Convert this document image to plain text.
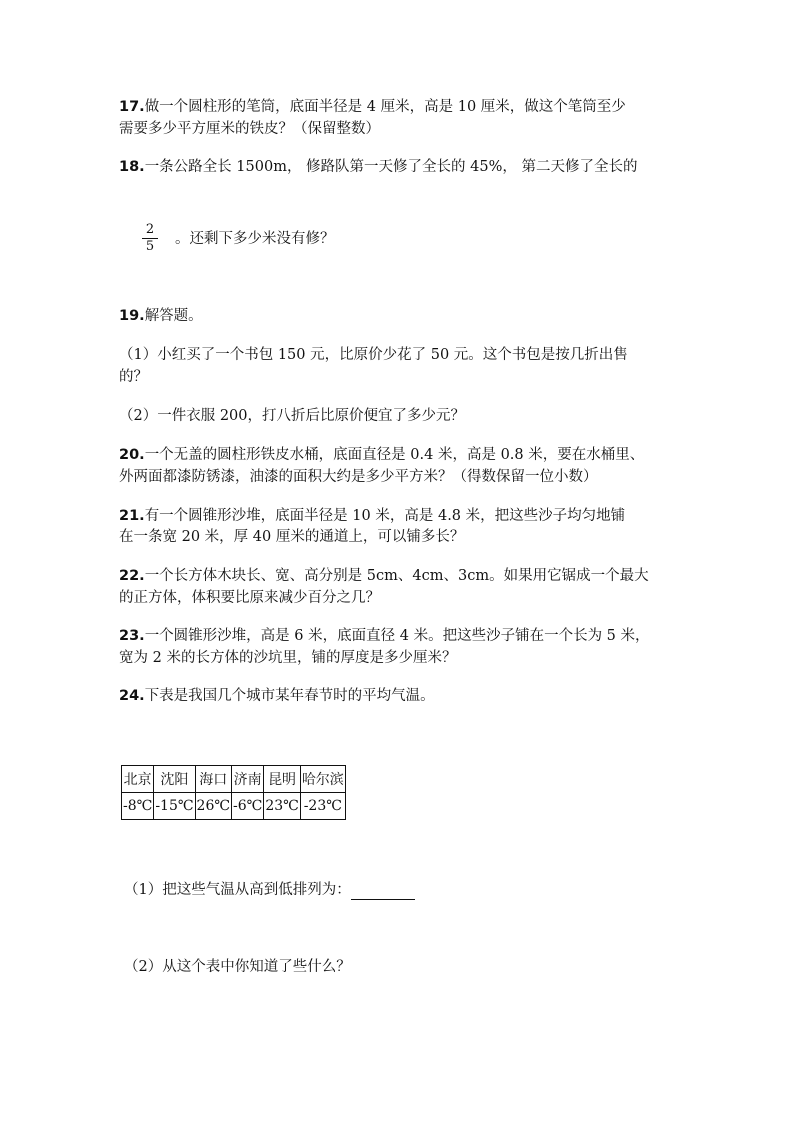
17.做一个圆柱形的笔筒，底面半径是 4 厘米，高是 10 厘米，做这个笔筒至少
需要多少平方厘米的铁皮？（保留整数）
18.一条公路全长 1500m， 修路队第一天修了全长的 45%， 第二天修了全长的
2
5 。还剩下多少米没有修？
19.解答题。
（1）小红买了一个书包 150 元，比原价少花了 50 元。这个书包是按几折出售
的？
（2）一件衣服 200，打八折后比原价便宜了多少元？
20.一个无盖的圆柱形铁皮水桶，底面直径是 0.4 米，高是 0.8 米，要在水桶里、
外两面都漆防锈漆，油漆的面积大约是多少平方米？（得数保留一位小数）
21.有一个圆锥形沙堆，底面半径是 10 米，高是 4.8 米，把这些沙子均匀地铺
在一条宽 20 米，厚 40 厘米的通道上，可以铺多长？
22.一个长方体木块长、宽、高分别是 5cm、4cm、3cm。如果用它锯成一个最大
的正方体，体积要比原来减少百分之几？
23.一个圆锥形沙堆，高是 6 米，底面直径 4 米。把这些沙子铺在一个长为 5 米，
宽为 2 米的长方体的沙坑里，铺的厚度是多少厘米？
24.下表是我国几个城市某年春节时的平均气温。
北京	沈阳	海口	济南	昆明	哈尔滨
-8℃	-15℃	26℃	-6℃	23℃	-23℃
（1）把这些气温从高到低排列为：
（2）从这个表中你知道了些什么？
